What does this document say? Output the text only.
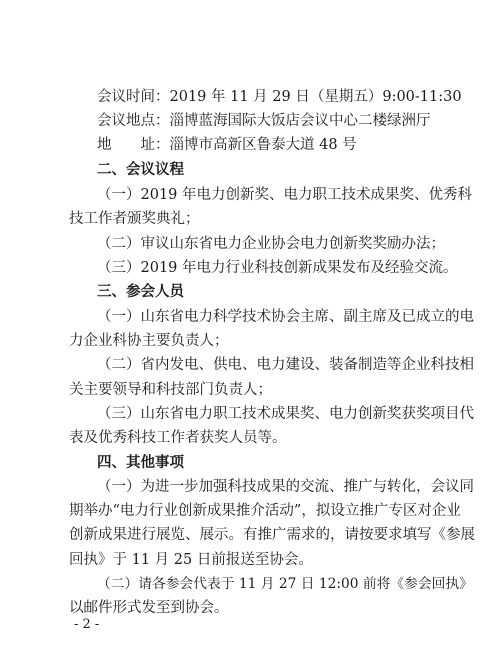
会议时间：2019 年 11 月 29 日（星期五）9:00-11:30
会议地点：淄博蓝海国际大饭店会议中心二楼绿洲厅
地　　址：淄博市高新区鲁泰大道 48 号
二、会议议程
（一）2019 年电力创新奖、电力职工技术成果奖、优秀科
技工作者颁奖典礼；
（二）审议山东省电力企业协会电力创新奖奖励办法；
（三）2019 年电力行业科技创新成果发布及经验交流。
三、参会人员
（一）山东省电力科学技术协会主席、副主席及已成立的电
力企业科协主要负责人；
（二）省内发电、供电、电力建设、装备制造等企业科技相
关主要领导和科技部门负责人；
（三）山东省电力职工技术成果奖、电力创新奖获奖项目代
表及优秀科技工作者获奖人员等。
四、其他事项
（一）为进一步加强科技成果的交流、推广与转化，会议同
期举办“电力行业创新成果推介活动”，拟设立推广专区对企业
创新成果进行展览、展示。有推广需求的，请按要求填写《参展
回执》于 11 月 25 日前报送至协会。
（二）请各参会代表于 11 月 27 日 12:00 前将《参会回执》
以邮件形式发至到协会。
- 2 -
